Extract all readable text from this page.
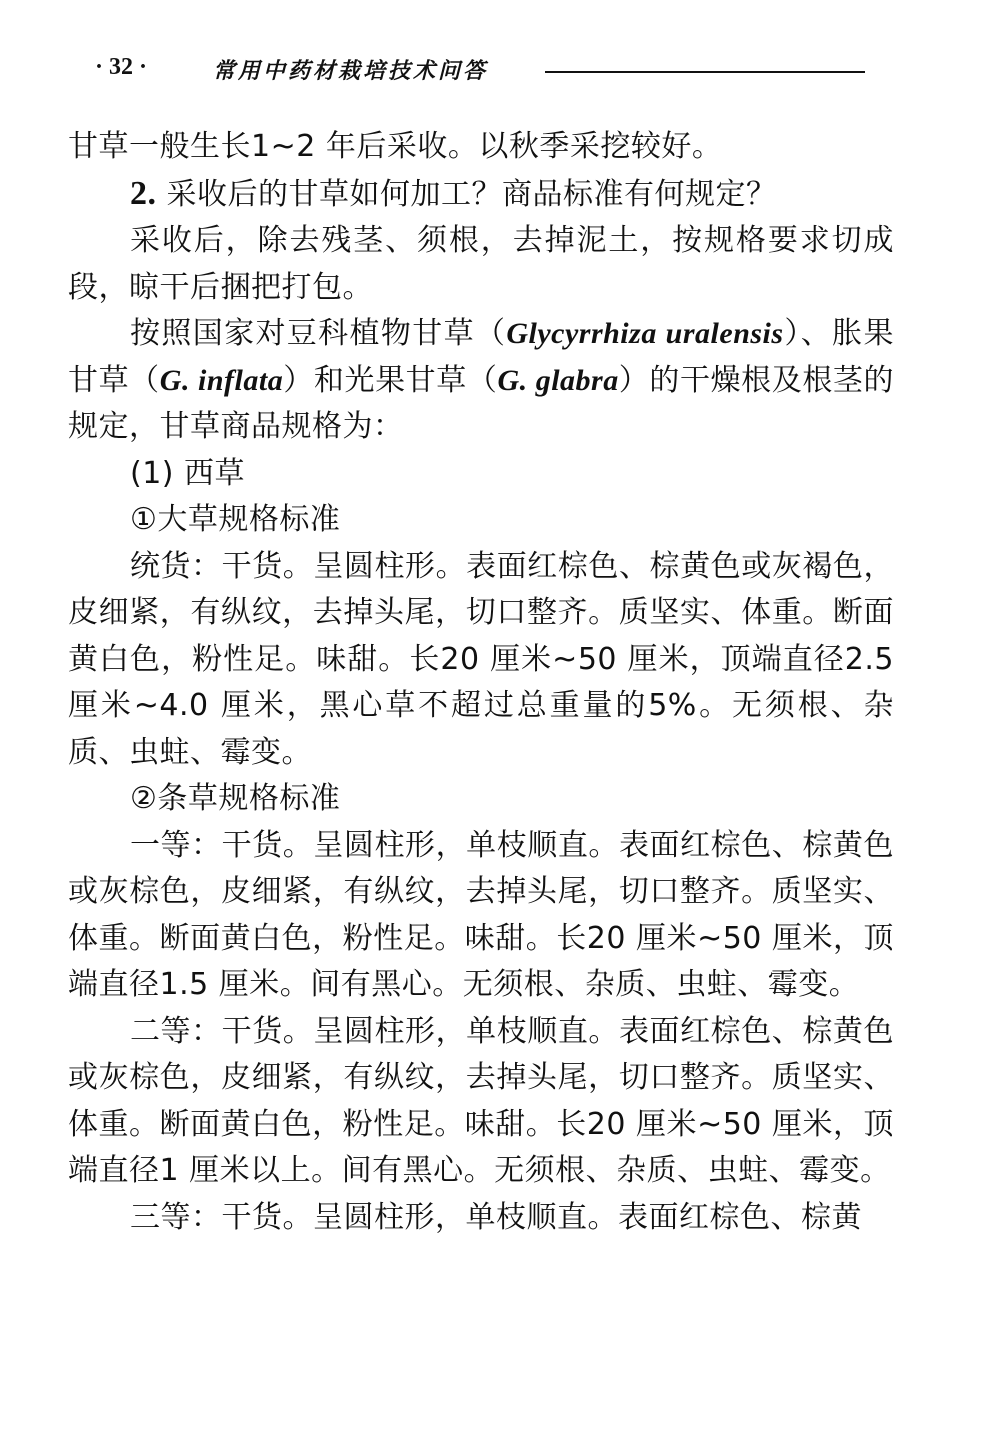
· 32 ·	常用中药材栽培技术问答

甘草一般生长1~2 年后采收。以秋季采挖较好。

2. 采收后的甘草如何加工？商品标准有何规定？

采收后，除去残茎、须根，去掉泥土，按规格要求切成段，晾干后捆把打包。

按照国家对豆科植物甘草（Glycyrrhiza uralensis）、胀果甘草（G. inflata）和光果甘草（G. glabra）的干燥根及根茎的规定，甘草商品规格为：

(1) 西草

①大草规格标准

统货：干货。呈圆柱形。表面红棕色、棕黄色或灰褐色，皮细紧，有纵纹，去掉头尾，切口整齐。质坚实、体重。断面黄白色，粉性足。味甜。长20 厘米~50 厘米，顶端直径2.5 厘米~4.0 厘米，黑心草不超过总重量的5%。无须根、杂质、虫蛀、霉变。

②条草规格标准

一等：干货。呈圆柱形，单枝顺直。表面红棕色、棕黄色或灰棕色，皮细紧，有纵纹，去掉头尾，切口整齐。质坚实、体重。断面黄白色，粉性足。味甜。长20 厘米~50 厘米，顶端直径1.5 厘米。间有黑心。无须根、杂质、虫蛀、霉变。

二等：干货。呈圆柱形，单枝顺直。表面红棕色、棕黄色或灰棕色，皮细紧，有纵纹，去掉头尾，切口整齐。质坚实、体重。断面黄白色，粉性足。味甜。长20 厘米~50 厘米，顶端直径1 厘米以上。间有黑心。无须根、杂质、虫蛀、霉变。

三等：干货。呈圆柱形，单枝顺直。表面红棕色、棕黄
